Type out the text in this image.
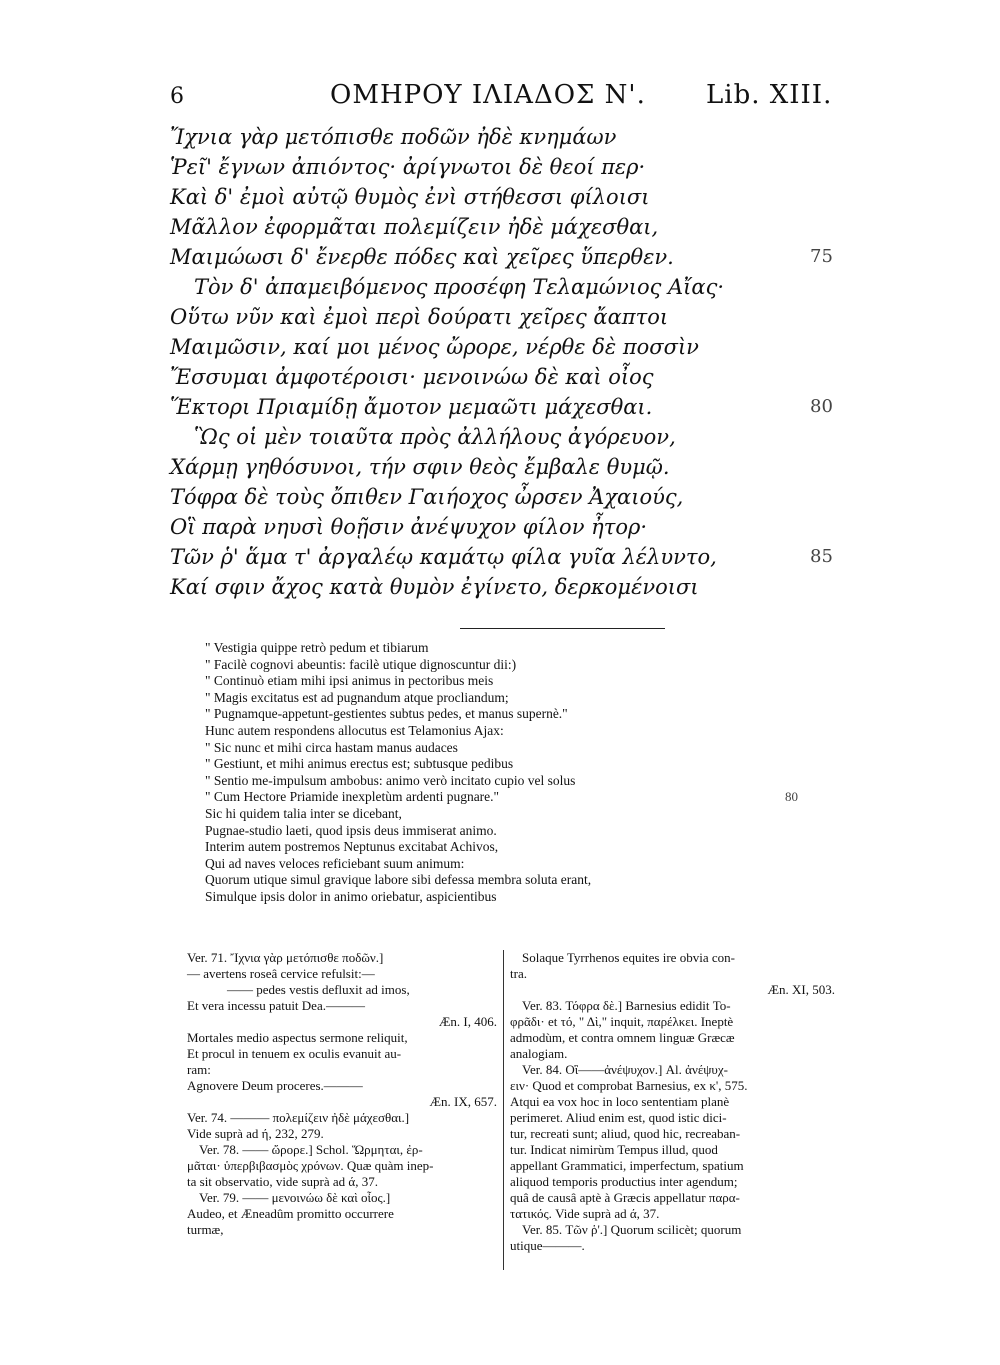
6	ΟΜΗΡΟΥ ΙΛΙΑΔΟΣ Ν'. Lib. XIII.
Ἴχνια γὰρ μετόπισθε ποδῶν ἠδὲ κνημάων
Ῥεῖ' ἔγνων ἀπιόντος· ἀρίγνωτοι δὲ θεοί περ·
Καὶ δ' ἐμοὶ αὐτῷ θυμὸς ἐνὶ στήθεσσι φίλοισι
Μᾶλλον ἐφορμᾶται πολεμίζειν ἠδὲ μάχεσθαι,
Μαιμώωσι δ' ἔνερθε πόδες καὶ χεῖρες ὕπερθεν.	75
Τὸν δ' ἀπαμειβόμενος προσέφη Τελαμώνιος Αἴας·
Οὕτω νῦν καὶ ἐμοὶ περὶ δούρατι χεῖρες ἄαπτοι
Μαιμῶσιν, καί μοι μένος ὤρορε, νέρθε δὲ ποσσὶν
Ἔσσυμαι ἀμφοτέροισι· μενοινώω δὲ καὶ οἶος
Ἕκτορι Πριαμίδῃ ἄμοτον μεμαῶτι μάχεσθαι.	80
Ὣς οἱ μὲν τοιαῦτα πρὸς ἀλλήλους ἀγόρευον,
Χάρμῃ γηθόσυνοι, τήν σφιν θεὸς ἔμβαλε θυμῷ.
Τόφρα δὲ τοὺς ὄπιθεν Γαιήοχος ὦρσεν Ἀχαιούς,
Οἳ παρὰ νηυσὶ θοῇσιν ἀνέψυχον φίλον ἦτορ·
Τῶν ῥ' ἅμα τ' ἀργαλέῳ καμάτῳ φίλα γυῖα λέλυντο,	85
Καί σφιν ἄχος κατὰ θυμὸν ἐγίνετο, δερκομένοισι
" Vestigia quippe retrò pedum et tibiarum
" Facilè cognovi abeuntis: facilè utique dignoscuntur dii:)
" Continuò etiam mihi ipsi animus in pectoribus meis
" Magis excitatus est ad pugnandum atque procliandum;
" Pugnamque-appetunt-gestientes subtus pedes, et manus supernè."
Hunc autem respondens allocutus est Telamonius Ajax:
" Sic nunc et mihi circa hastam manus audaces
" Gestiunt, et mihi animus erectus est; subtusque pedibus
" Sentio me-impulsum ambobus: animo verò incitato cupio vel solus
" Cum Hectore Priamide inexpletùm ardenti pugnare."	80
Sic hi quidem talia inter se dicebant,
Pugnae-studio laeti, quod ipsis deus immiserat animo.
Interim autem postremos Neptunus excitabat Achivos,
Qui ad naves veloces reficiebant suum animum:
Quorum utique simul gravique labore sibi defessa membra soluta erant,
Simulque ipsis dolor in animo oriebatur, aspicientibus
Ver. 71. Ἴχνια γὰρ μετόπισθε ποδῶν.]
— avertens roseâ cervice refulsit:—
—— pedes vestis defluxit ad imos,
Et vera incessu patuit Dea.———
Æn. I, 406.
Mortales medio aspectus sermone reliquit,
Et procul in tenuem ex oculis evanuit au-
ram:
Agnovere Deum proceres.———
Æn. IX, 657.
Ver. 74. ——— πολεμίζειν ἠδὲ μάχεσθαι.]
Vide suprà ad ή, 232, 279.
Ver. 78. —— ὤρορε.] Schol. Ὥρμηται, ἐρ-
μᾶται· ὑπερβιβασμὸς χρόνων. Quæ quàm inep-
ta sit observatio, vide suprà ad ά, 37.
Ver. 79. —— μενοινώω δὲ καὶ οἶος.]
Audeo, et Æneadûm promitto occurrere
turmæ,
Solaque Tyrrhenos equites ire obvia con-
tra.
Æn. XI, 503.
Ver. 83. Τόφρα δὲ.] Barnesius edidit Το-
φρᾶδι· et τό, " Δὶ," inquit, παρέλκει. Ineptè
admodùm, et contra omnem linguæ Græcæ
analogiam.
Ver. 84. Οἳ——ἀνέψυχον.] Al. ἀνέψυχ-
ειν· Quod et comprobat Barnesius, ex κ', 575.
Atqui ea vox hoc in loco sententiam planè
perimeret. Aliud enim est, quod istic dici-
tur, recreati sunt; aliud, quod hic, recreaban-
tur. Indicat nimirùm Tempus illud, quod
appellant Grammatici, imperfectum, spatium
aliquod temporis productius inter agendum;
quâ de causâ aptè à Græcis appellatur παρα-
τατικός. Vide suprà ad ά, 37.
Ver. 85. Τῶν ῥ'.] Quorum scilicèt; quorum
utique———.
